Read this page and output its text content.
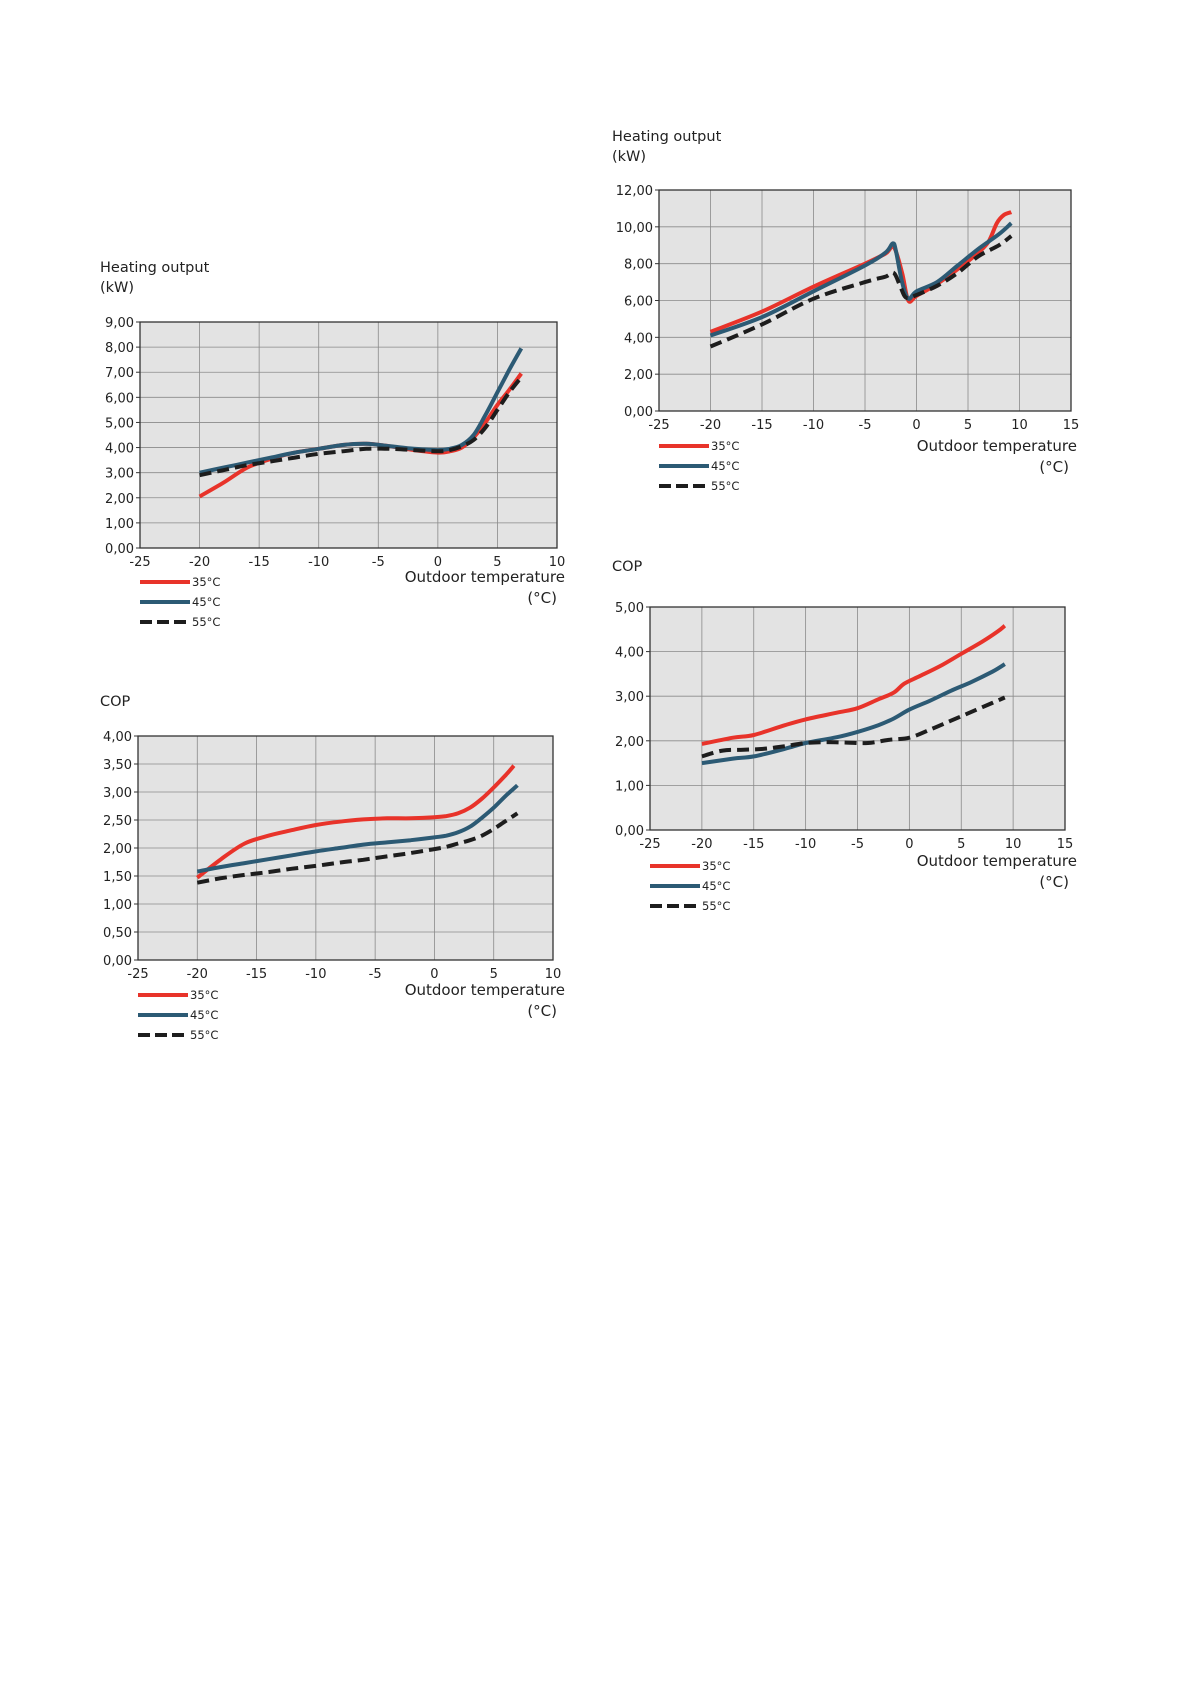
Heating output
(kW)
-25	-20	-15	-10	-5	0	5	10
0,00
1,00
2,00
3,00
4,00
5,00
6,00
7,00
8,00
9,00
35°C
45°C
55°C
Outdoor temperature
(°C)
COP
-25	-20	-15	-10	-5	0	5	10
0,00
0,50
1,00
1,50
2,00
2,50
3,00
3,50
4,00
35°C
45°C
55°C
Outdoor temperature
(°C)
Heating output
(kW)
-25 -20 -15 -10	-5	0	5	10	15
0,00
2,00
4,00
6,00
8,00
10,00
12,00
35°C
45°C
55°C
Outdoor temperature
(°C)
COP
-25 -20 -15 -10	-5	0	5	10	15
0,00
1,00
2,00
3,00
4,00
5,00
35°C
45°C
55°C
Outdoor temperature
(°C)
